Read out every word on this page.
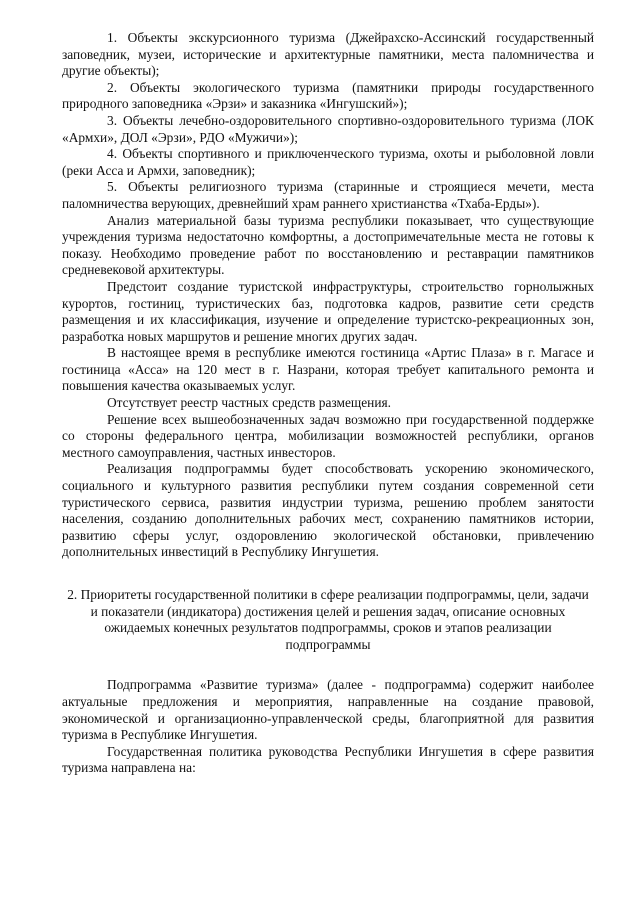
1. Объекты экскурсионного туризма (Джейрахско-Ассинский государственный заповедник, музеи, исторические и архитектурные памятники, места паломничества и другие объекты);

2. Объекты экологического туризма (памятники природы государственного природного заповедника «Эрзи» и заказника «Ингушский»);

3. Объекты лечебно-оздоровительного спортивно-оздоровительного туризма (ЛОК «Армхи», ДОЛ «Эрзи», РДО «Мужичи»);

4. Объекты спортивного и приключенческого туризма, охоты и рыболовной ловли (реки Асса и Армхи, заповедник);

5. Объекты религиозного туризма (старинные и строящиеся мечети, места паломничества верующих, древнейший храм раннего христианства «Тхаба-Ерды»).

Анализ материальной базы туризма республики показывает, что существующие учреждения туризма недостаточно комфортны, а достопримечательные места не готовы к показу. Необходимо проведение работ по восстановлению и реставрации памятников средневековой архитектуры.

Предстоит создание туристской инфраструктуры, строительство горнолыжных курортов, гостиниц, туристических баз, подготовка кадров, развитие сети средств размещения и их классификация, изучение и определение туристско-рекреационных зон, разработка новых маршрутов и решение многих других задач.

В настоящее время в республике имеются гостиница «Артис Плаза» в г. Магасе и гостиница «Асса» на 120 мест в г. Назрани, которая требует капитального ремонта и повышения качества оказываемых услуг.

Отсутствует реестр частных средств размещения.

Решение всех вышеобозначенных задач возможно при государственной поддержке со стороны федерального центра, мобилизации возможностей республики, органов местного самоуправления, частных инвесторов.

Реализация подпрограммы будет способствовать ускорению экономического, социального и культурного развития республики путем создания современной сети туристического сервиса, развития индустрии туризма, решению проблем занятости населения, созданию дополнительных рабочих мест, сохранению памятников истории, развитию сферы услуг, оздоровлению экологической обстановки, привлечению дополнительных инвестиций в Республику Ингушетия.

2. Приоритеты государственной политики в сфере реализации подпрограммы, цели, задачи и показатели (индикатора) достижения целей и решения задач, описание основных ожидаемых конечных результатов подпрограммы, сроков и этапов реализации подпрограммы

Подпрограмма «Развитие туризма» (далее - подпрограмма) содержит наиболее актуальные предложения и мероприятия, направленные на создание правовой, экономической и организационно-управленческой среды, благоприятной для развития туризма в Республике Ингушетия.

Государственная политика руководства Республики Ингушетия в сфере развития туризма направлена на:
